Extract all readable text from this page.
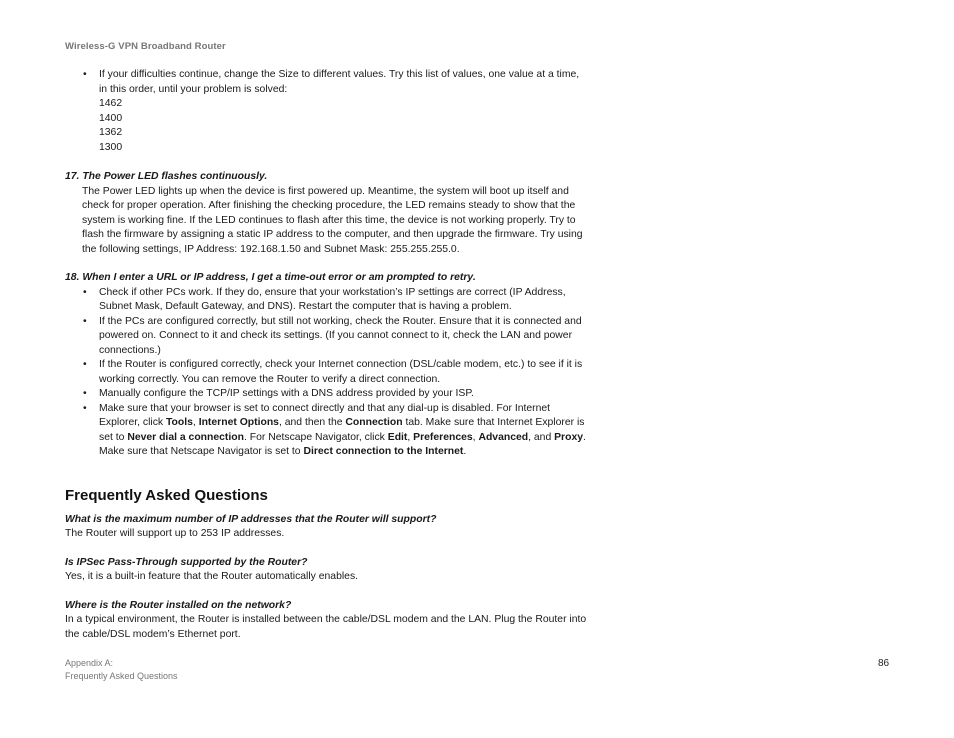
Wireless-G VPN Broadband Router
• If your difficulties continue, change the Size to different values. Try this list of values, one value at a time, in this order, until your problem is solved:
1462
1400
1362
1300
17. The Power LED flashes continuously.
The Power LED lights up when the device is first powered up. Meantime, the system will boot up itself and check for proper operation. After finishing the checking procedure, the LED remains steady to show that the system is working fine. If the LED continues to flash after this time, the device is not working properly. Try to flash the firmware by assigning a static IP address to the computer, and then upgrade the firmware. Try using the following settings, IP Address: 192.168.1.50 and Subnet Mask: 255.255.255.0.
18. When I enter a URL or IP address, I get a time-out error or am prompted to retry.
• Check if other PCs work. If they do, ensure that your workstation’s IP settings are correct (IP Address, Subnet Mask, Default Gateway, and DNS). Restart the computer that is having a problem.
• If the PCs are configured correctly, but still not working, check the Router. Ensure that it is connected and powered on. Connect to it and check its settings. (If you cannot connect to it, check the LAN and power connections.)
• If the Router is configured correctly, check your Internet connection (DSL/cable modem, etc.) to see if it is working correctly. You can remove the Router to verify a direct connection.
• Manually configure the TCP/IP settings with a DNS address provided by your ISP.
• Make sure that your browser is set to connect directly and that any dial-up is disabled. For Internet Explorer, click Tools, Internet Options, and then the Connection tab. Make sure that Internet Explorer is set to Never dial a connection. For Netscape Navigator, click Edit, Preferences, Advanced, and Proxy. Make sure that Netscape Navigator is set to Direct connection to the Internet.
Frequently Asked Questions
What is the maximum number of IP addresses that the Router will support?
The Router will support up to 253 IP addresses.
Is IPSec Pass-Through supported by the Router?
Yes, it is a built-in feature that the Router automatically enables.
Where is the Router installed on the network?
In a typical environment, the Router is installed between the cable/DSL modem and the LAN. Plug the Router into the cable/DSL modem’s Ethernet port.
Appendix A:
Frequently Asked Questions
86
